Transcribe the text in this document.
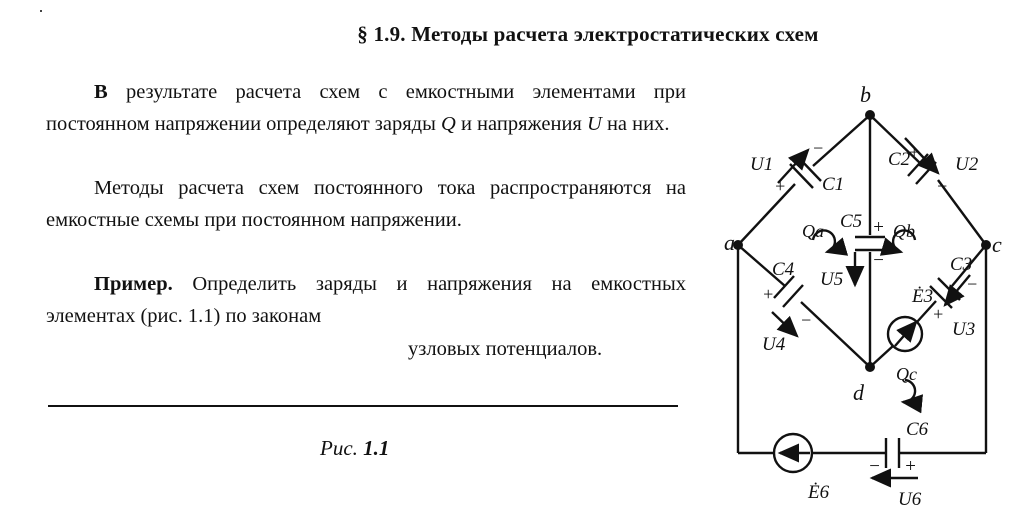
§ 1.9. Методы расчета электростатических схем
В результате расчета схем с емкостными элементами при постоянном напряжении определяют заряды Q и напряжения U на них.
Методы расчета схем постоянного тока распространяются на емкостные схемы при постоянном напряжении.
Пример. Определить заряды и напряжения на емкостных элементах (рис. 1.1) по законам
узловых потенциалов.
Рис. 1.1
a
b
c
d
C1
C2
C3
C4
C5
C6
U1	U2
U3
U4
U5
U6
Ė3
Ė6
Qa	Qb
Qc
+
−	+
−
+
−
+
−	+
−
− +
